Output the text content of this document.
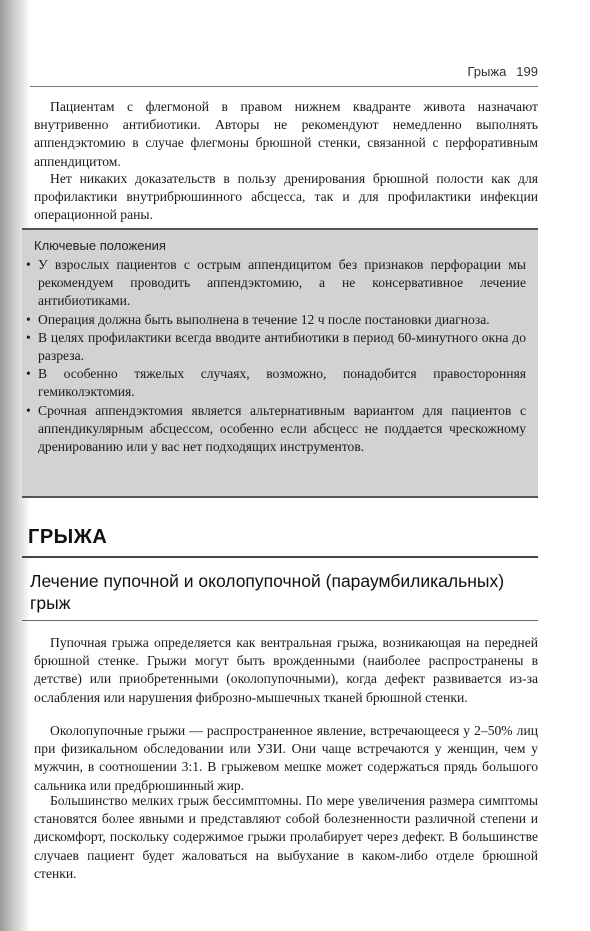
Грыжа 199

Пациентам с флегмоной в правом нижнем квадранте живота назначают внутривенно антибиотики. Авторы не рекомендуют немедленно выполнять аппендэктомию в случае флегмоны брюшной стенки, связанной с перфоративным аппендицитом.

Нет никаких доказательств в пользу дренирования брюшной полости как для профилактики внутрибрюшинного абсцесса, так и для профилактики инфекции операционной раны.

Ключевые положения
• У взрослых пациентов с острым аппендицитом без признаков перфорации мы рекомендуем проводить аппендэктомию, а не консервативное лечение антибиотиками.
• Операция должна быть выполнена в течение 12 ч после постановки диагноза.
• В целях профилактики всегда вводите антибиотики в период 60-минутного окна до разреза.
• В особенно тяжелых случаях, возможно, понадобится правосторонняя гемиколэктомия.
• Срочная аппендэктомия является альтернативным вариантом для пациентов с аппендикулярным абсцессом, особенно если абсцесс не поддается чрескожному дренированию или у вас нет подходящих инструментов.
ГРЫЖА
Лечение пупочной и околопупочной (параумбиликальных) грыж

Пупочная грыжа определяется как вентральная грыжа, возникающая на передней брюшной стенке. Грыжи могут быть врожденными (наиболее распространены в детстве) или приобретенными (околопупочными), когда дефект развивается из-за ослабления или нарушения фиброзно-мышечных тканей брюшной стенки.

Околопупочные грыжи — распространенное явление, встречающееся у 2–50% лиц при физикальном обследовании или УЗИ. Они чаще встречаются у женщин, чем у мужчин, в соотношении 3:1. В грыжевом мешке может содержаться прядь большого сальника или предбрюшинный жир.

Большинство мелких грыж бессимптомны. По мере увеличения размера симптомы становятся более явными и представляют собой болезненности различной степени и дискомфорт, поскольку содержимое грыжи пролабирует через дефект. В большинстве случаев пациент будет жаловаться на выбухание в каком-либо отделе брюшной стенки.
